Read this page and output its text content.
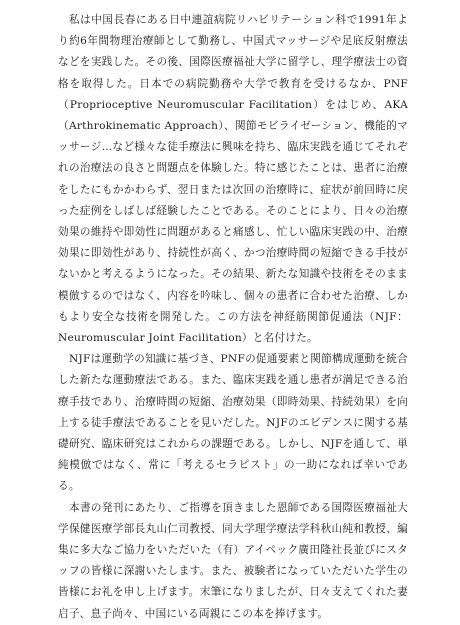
私は中国長春にある日中連誼病院リハビリテーション科で1991年より約6年間物理治療師として勤務し、中国式マッサージや足底反射療法などを実践した。その後、国際医療福祉大学に留学し、理学療法士の資格を取得した。日本での病院勤務や大学で教育を受けるなか、PNF（Proprioceptive Neuromuscular Facilitation）をはじめ、AKA（Arthrokinematic Approach）、関節モビライゼーション、機能的マッサージ…など様々な徒手療法に興味を持ち、臨床実践を通じてそれぞれの治療法の良さと問題点を体験した。特に感じたことは、患者に治療をしたにもかかわらず、翌日または次回の治療時に、症状が前回時に戻った症例をしばしば経験したことである。そのことにより、日々の治療効果の維持や即効性に問題があると痛感し、忙しい臨床実践の中、治療効果に即効性があり、持続性が高く、かつ治療時間の短縮できる手技がないかと考えるようになった。その結果、新たな知識や技術をそのまま模倣するのではなく、内容を吟味し、個々の患者に合わせた治療、しかもより安全な技術を開発した。この方法を神経筋関節促通法（NJF：Neuromuscular Joint Facilitation）と名付けた。

NJFは運動学の知識に基づき、PNFの促通要素と関節構成運動を統合した新たな運動療法である。また、臨床実践を通し患者が満足できる治療手技であり、治療時間の短縮、治療効果（即時効果、持続効果）を向上する徒手療法であることを見いだした。NJFのエビデンスに関する基礎研究、臨床研究はこれからの課題である。しかし、NJFを通して、単純模倣ではなく、常に「考えるセラピスト」の一助になれば幸いである。

本書の発刊にあたり、ご指導を頂きました恩師である国際医療福祉大学保健医療学部長丸山仁司教授、同大学理学療法学科秋山純和教授、編集に多大なご協力をいただいた（有）アイペック廣田隆社長並びにスタッフの皆様に深謝いたします。また、被験者になっていただいた学生の皆様にお礼を申し上げます。末筆になりましたが、日々支えてくれた妻启子、息子尚々、中国にいる両親にこの本を捧げます。
